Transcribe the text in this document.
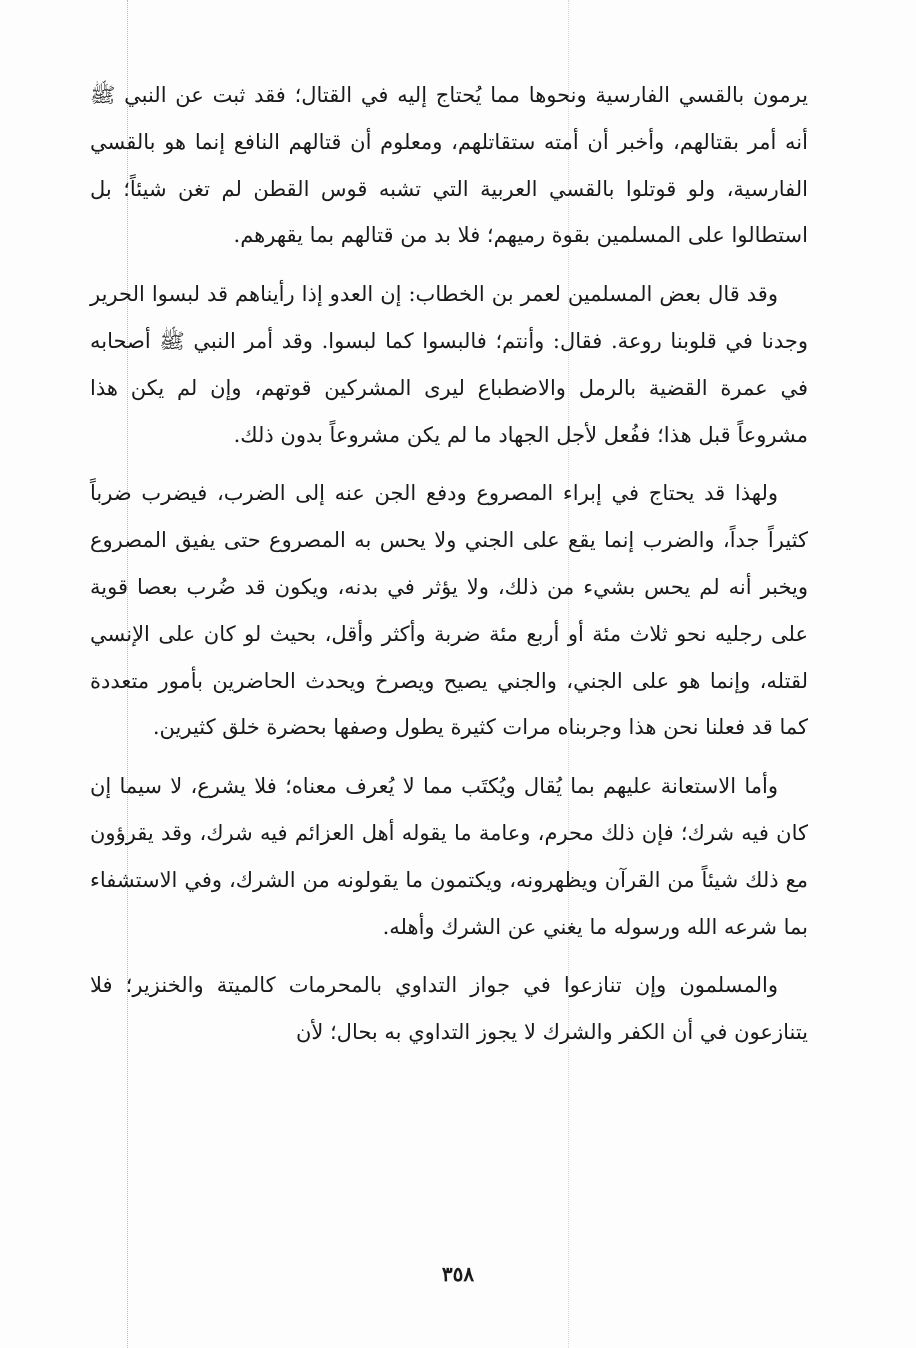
يرمون بالقسي الفارسية ونحوها مما يُحتاج إليه في القتال؛ فقد ثبت عن النبي ﷺ أنه أمر بقتالهم، وأخبر أن أمته ستقاتلهم، ومعلوم أن قتالهم النافع إنما هو بالقسي الفارسية، ولو قوتلوا بالقسي العربية التي تشبه قوس القطن لم تغن شيئاً؛ بل استطالوا على المسلمين بقوة رميهم؛ فلا بد من قتالهم بما يقهرهم.

وقد قال بعض المسلمين لعمر بن الخطاب: إن العدو إذا رأيناهم قد لبسوا الحرير وجدنا في قلوبنا روعة. فقال: وأنتم؛ فالبسوا كما لبسوا. وقد أمر النبي ﷺ أصحابه في عمرة القضية بالرمل والاضطباع ليرى المشركين قوتهم، وإن لم يكن هذا مشروعاً قبل هذا؛ ففُعل لأجل الجهاد ما لم يكن مشروعاً بدون ذلك.

ولهذا قد يحتاج في إبراء المصروع ودفع الجن عنه إلى الضرب، فيضرب ضرباً كثيراً جداً، والضرب إنما يقع على الجني ولا يحس به المصروع حتى يفيق المصروع ويخبر أنه لم يحس بشيء من ذلك، ولا يؤثر في بدنه، ويكون قد ضُرب بعصا قوية على رجليه نحو ثلاث مئة أو أربع مئة ضربة وأكثر وأقل، بحيث لو كان على الإنسي لقتله، وإنما هو على الجني، والجني يصيح ويصرخ ويحدث الحاضرين بأمور متعددة كما قد فعلنا نحن هذا وجربناه مرات كثيرة يطول وصفها بحضرة خلق كثيرين.

وأما الاستعانة عليهم بما يُقال ويُكتَب مما لا يُعرف معناه؛ فلا يشرع، لا سيما إن كان فيه شرك؛ فإن ذلك محرم، وعامة ما يقوله أهل العزائم فيه شرك، وقد يقرؤون مع ذلك شيئاً من القرآن ويظهرونه، ويكتمون ما يقولونه من الشرك، وفي الاستشفاء بما شرعه الله ورسوله ما يغني عن الشرك وأهله.

والمسلمون وإن تنازعوا في جواز التداوي بالمحرمات كالميتة والخنزير؛ فلا يتنازعون في أن الكفر والشرك لا يجوز التداوي به بحال؛ لأن

٣٥٨
